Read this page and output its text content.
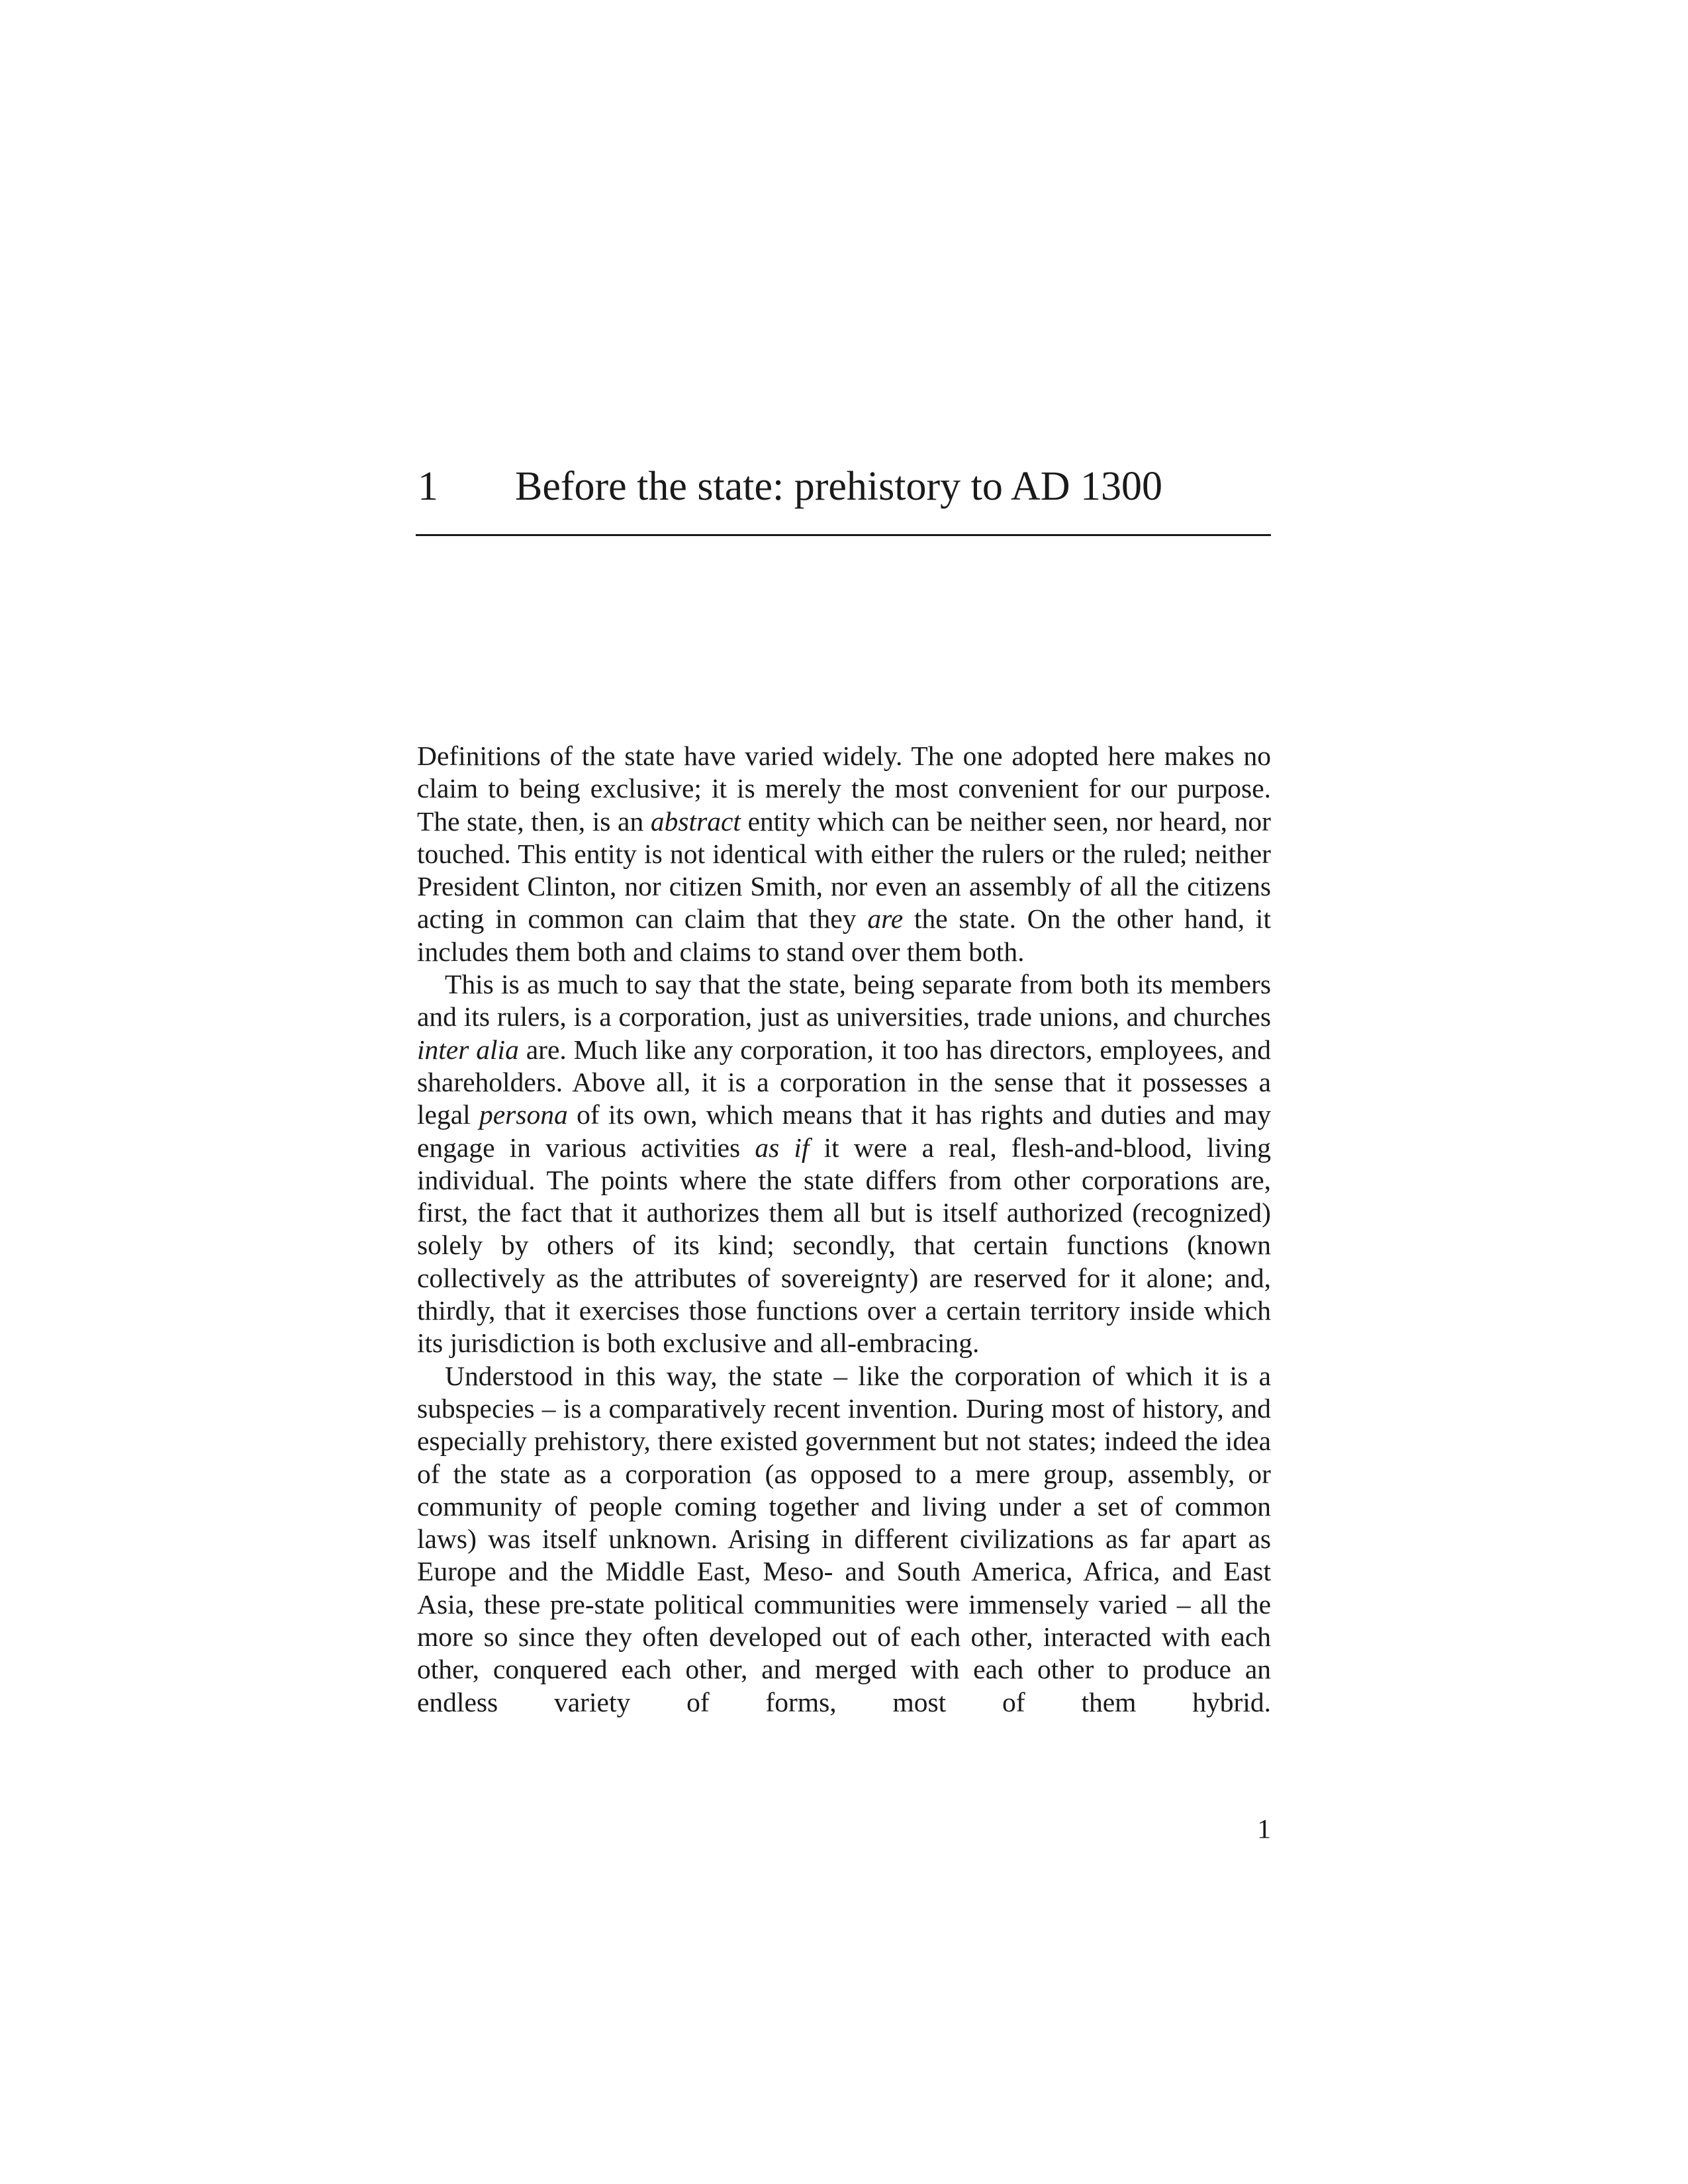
1 Before the state: prehistory to AD 1300

Definitions of the state have varied widely. The one adopted here makes no claim to being exclusive; it is merely the most convenient for our purpose. The state, then, is an abstract entity which can be neither seen, nor heard, nor touched. This entity is not identical with either the rulers or the ruled; neither President Clinton, nor citizen Smith, nor even an assembly of all the citizens acting in common can claim that they are the state. On the other hand, it includes them both and claims to stand over them both.

This is as much to say that the state, being separate from both its members and its rulers, is a corporation, just as universities, trade unions, and churches inter alia are. Much like any corporation, it too has directors, employees, and shareholders. Above all, it is a corporation in the sense that it possesses a legal persona of its own, which means that it has rights and duties and may engage in various activities as if it were a real, flesh-and-blood, living individual. The points where the state differs from other corporations are, first, the fact that it authorizes them all but is itself authorized (recognized) solely by others of its kind; secondly, that certain functions (known collectively as the attributes of sovereignty) are reserved for it alone; and, thirdly, that it exercises those functions over a certain territory inside which its jurisdiction is both exclusive and all-embracing.

Understood in this way, the state – like the corporation of which it is a subspecies – is a comparatively recent invention. During most of history, and especially prehistory, there existed government but not states; indeed the idea of the state as a corporation (as opposed to a mere group, assembly, or community of people coming together and living under a set of common laws) was itself unknown. Arising in different civilizations as far apart as Europe and the Middle East, Meso- and South America, Africa, and East Asia, these pre-state political communities were immensely varied – all the more so since they often developed out of each other, interacted with each other, conquered each other, and merged with each other to produce an endless variety of forms, most of them hybrid.

1
